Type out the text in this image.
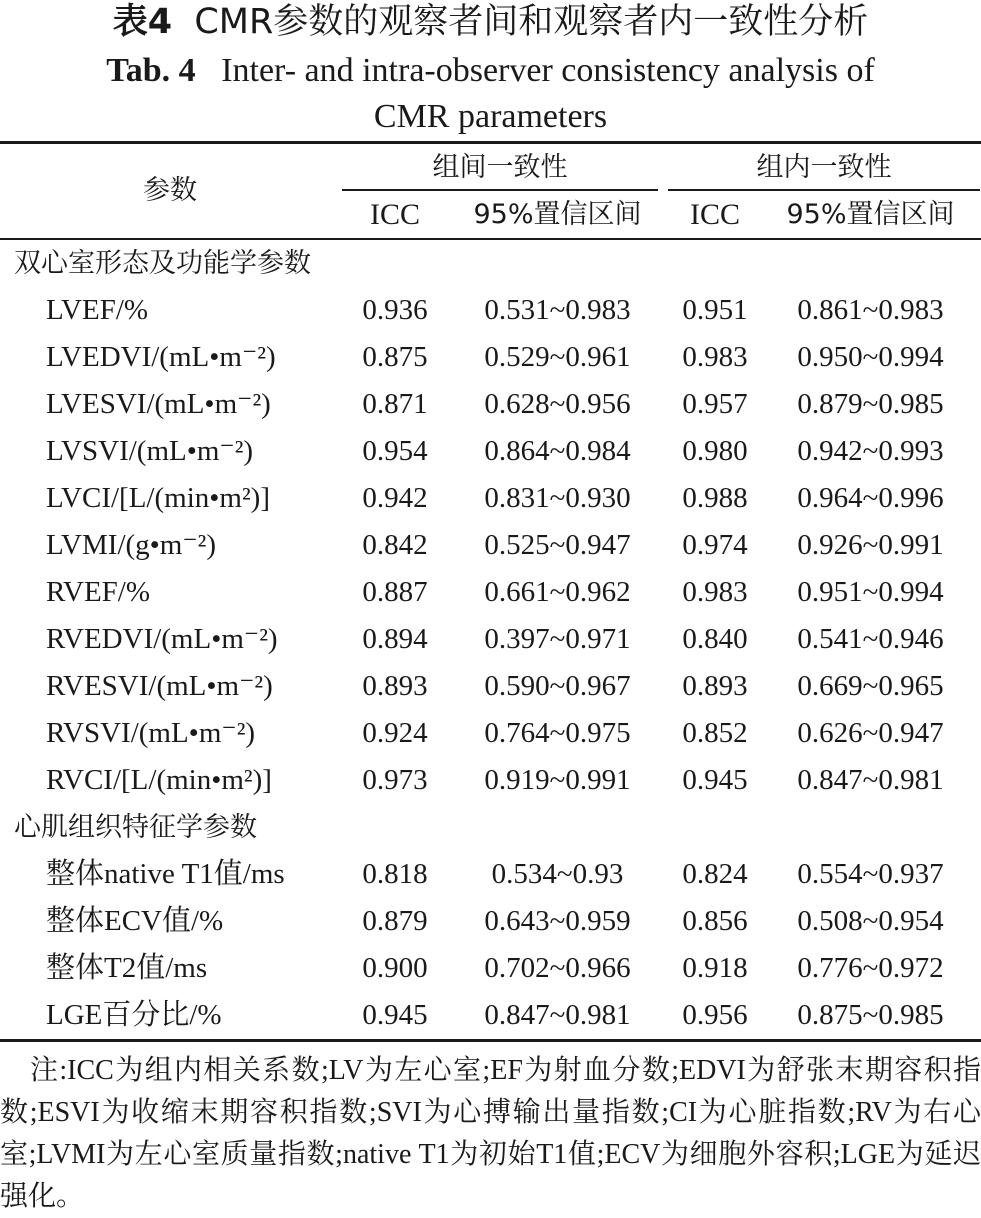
表4 CMR参数的观察者间和观察者内一致性分析
Tab. 4 Inter- and intra-observer consistency analysis of
CMR parameters
参数
组间一致性	组内一致性
ICC	95%置信区间	ICC	95%置信区间
双心室形态及功能学参数
LVEF/%	0.936	0.531~0.983	0.951	0.861~0.983
LVEDVI/(mL•m⁻²)	0.875	0.529~0.961	0.983	0.950~0.994
LVESVI/(mL•m⁻²)	0.871	0.628~0.956	0.957	0.879~0.985
LVSVI/(mL•m⁻²)	0.954	0.864~0.984	0.980	0.942~0.993
LVCI/[L/(min•m²)]	0.942	0.831~0.930	0.988	0.964~0.996
LVMI/(g•m⁻²)	0.842	0.525~0.947	0.974	0.926~0.991
RVEF/%	0.887	0.661~0.962	0.983	0.951~0.994
RVEDVI/(mL•m⁻²)	0.894	0.397~0.971	0.840	0.541~0.946
RVESVI/(mL•m⁻²)	0.893	0.590~0.967	0.893	0.669~0.965
RVSVI/(mL•m⁻²)	0.924	0.764~0.975	0.852	0.626~0.947
RVCI/[L/(min•m²)]	0.973	0.919~0.991	0.945	0.847~0.981
心肌组织特征学参数
整体native T1值/ms	0.818	0.534~0.93	0.824	0.554~0.937
整体ECV值/%	0.879	0.643~0.959	0.856	0.508~0.954
整体T2值/ms	0.900	0.702~0.966	0.918	0.776~0.972
LGE百分比/%	0.945	0.847~0.981	0.956	0.875~0.985

注:ICC为组内相关系数;LV为左心室;EF为射血分数;EDVI为舒张末期容积指数;ESVI为收缩末期容积指数;SVI为心搏输出量指数;CI为心脏指数;RV为右心室;LVMI为左心室质量指数;native T1为初始T1值;ECV为细胞外容积;LGE为延迟强化。
